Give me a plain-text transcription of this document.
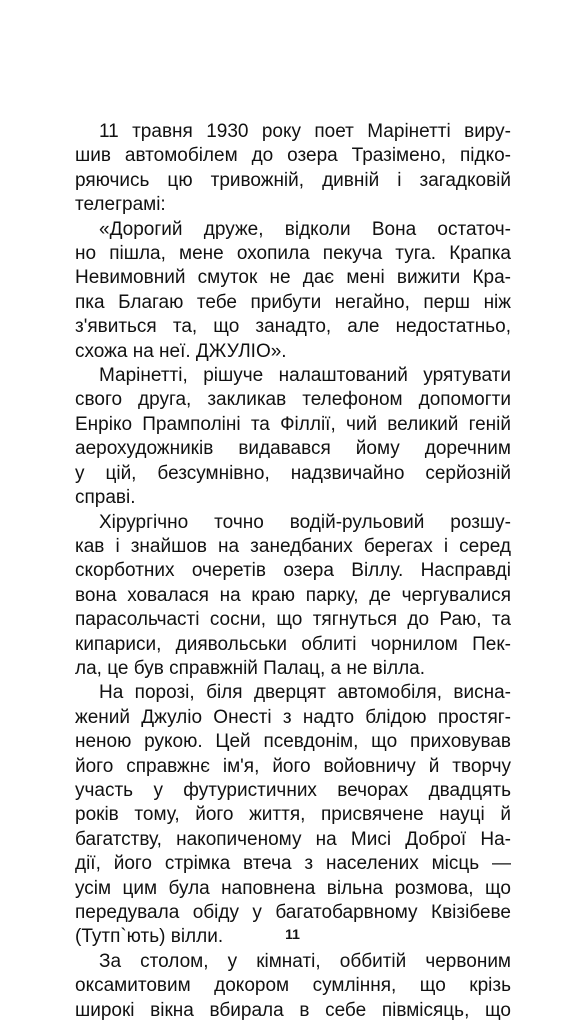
11 травня 1930 року поет Марінетті виру-
шив автомобілем до озера Тразімено, підко-
ряючись цю тривожній, дивній і загадковій
телеграмі:
«Дорогий друже, відколи Вона остаточ-
но пішла, мене охопила пекуча туга. Крапка
Невимовний смуток не дає мені вижити Кра-
пка Благаю тебе прибути негайно, перш ніж
з'явиться та, що занадто, але недостатньо,
схожа на неї. ДЖУЛІО».
Марінетті, рішуче налаштований урятувати
свого друга, закликав телефоном допомогти
Енріко Прамполіні та Філлії, чий великий геній
аерохудожників видавався йому доречним
у цій, безсумнівно, надзвичайно серйозній
справі.
Хірургічно точно водій-рульовий розшу-
кав і знайшов на занедбаних берегах і серед
скорботних очеретів озера Віллу. Насправді
вона ховалася на краю парку, де чергувалися
парасольчасті сосни, що тягнуться до Раю, та
кипариси, диявольськи облиті чорнилом Пек-
ла, це був справжній Палац, а не вілла.
На порозі, біля дверцят автомобіля, висна-
жений Джуліо Онесті з надто блідою простяг-
неною рукою. Цей псевдонім, що приховував
його справжнє ім'я, його войовничу й творчу
участь у футуристичних вечорах двадцять
років тому, його життя, присвячене науці й
багатству, накопиченому на Мисі Доброї На-
дії, його стрімка втеча з населених місць —
усім цим була наповнена вільна розмова, що
передувала обіду у багатобарвному Квізібеве
(Тутп`ють) вілли.
За столом, у кімнаті, оббитій червоним
оксамитовим докором сумління, що крізь
широкі вікна вбирала в себе півмісяць, що
11
